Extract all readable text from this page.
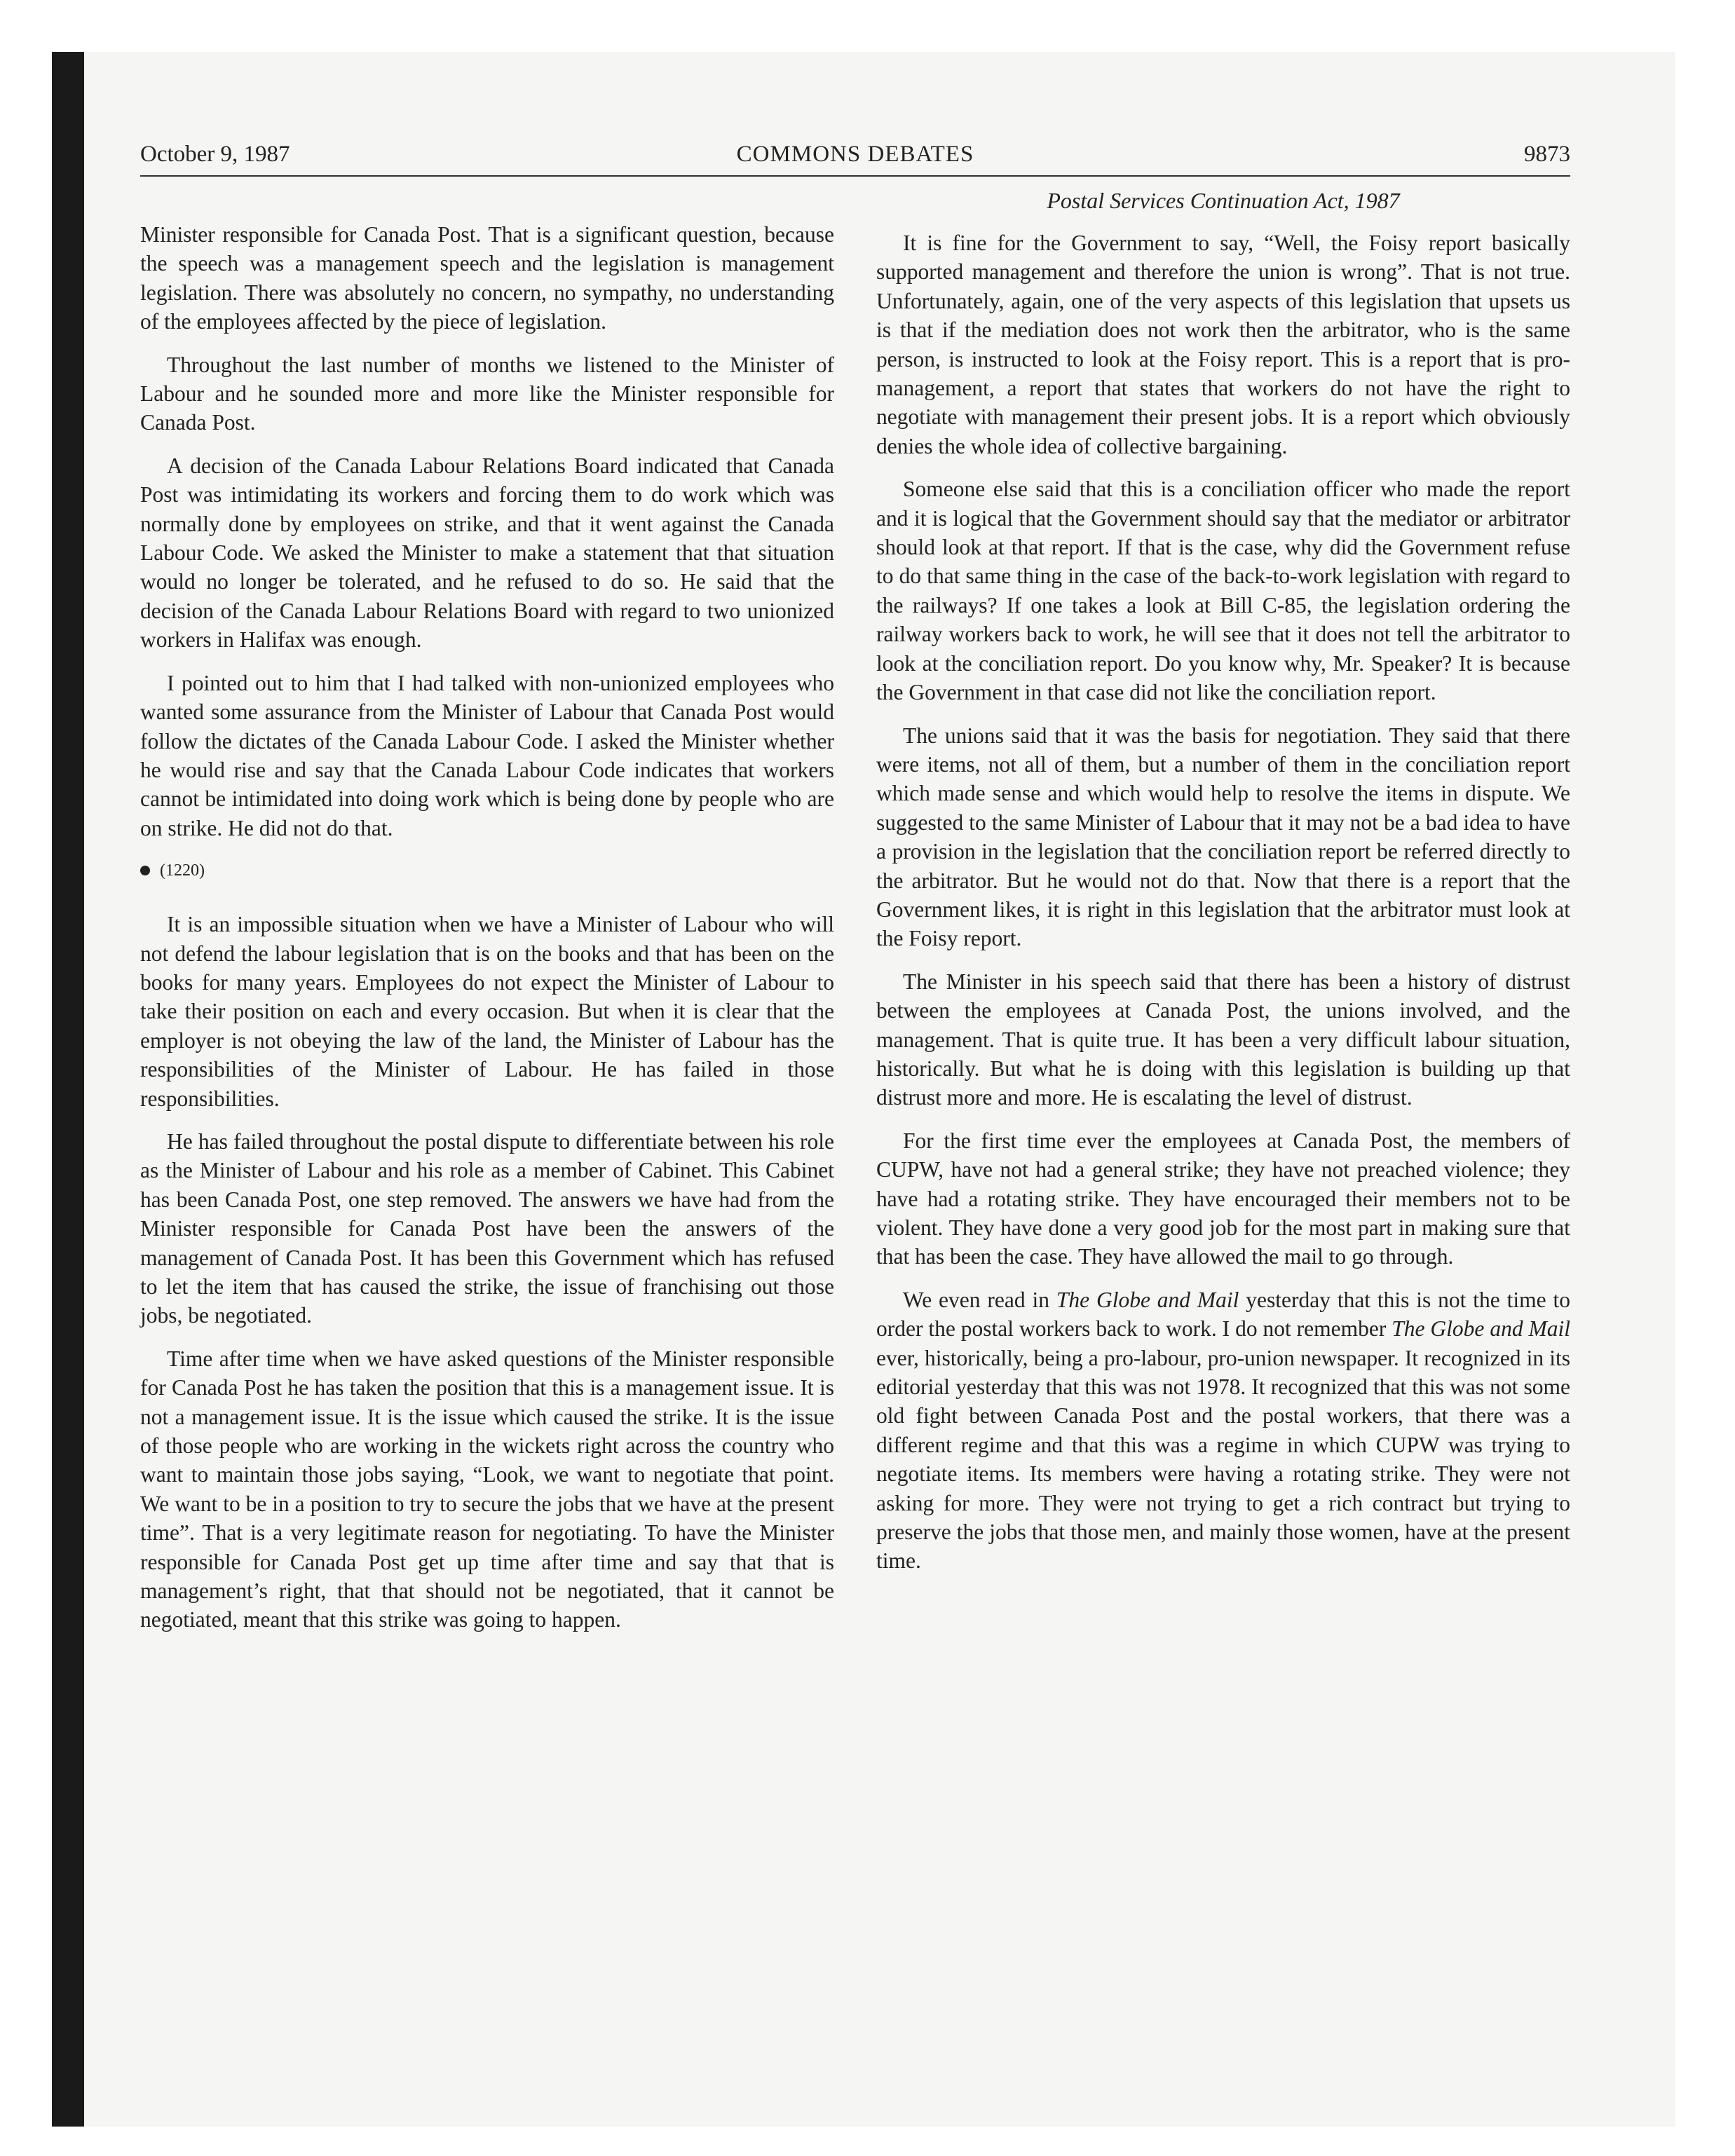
October 9, 1987	COMMONS DEBATES	9873

Minister responsible for Canada Post. That is a significant question, because the speech was a management speech and the legislation is management legislation. There was absolutely no concern, no sympathy, no understanding of the employees affected by the piece of legislation.

Throughout the last number of months we listened to the Minister of Labour and he sounded more and more like the Minister responsible for Canada Post.

A decision of the Canada Labour Relations Board indicated that Canada Post was intimidating its workers and forcing them to do work which was normally done by employees on strike, and that it went against the Canada Labour Code. We asked the Minister to make a statement that that situation would no longer be tolerated, and he refused to do so. He said that the decision of the Canada Labour Relations Board with regard to two unionized workers in Halifax was enough.

I pointed out to him that I had talked with non-unionized employees who wanted some assurance from the Minister of Labour that Canada Post would follow the dictates of the Canada Labour Code. I asked the Minister whether he would rise and say that the Canada Labour Code indicates that workers cannot be intimidated into doing work which is being done by people who are on strike. He did not do that.

(1220)

It is an impossible situation when we have a Minister of Labour who will not defend the labour legislation that is on the books and that has been on the books for many years. Employees do not expect the Minister of Labour to take their position on each and every occasion. But when it is clear that the employer is not obeying the law of the land, the Minister of Labour has the responsibilities of the Minister of Labour. He has failed in those responsibilities.

He has failed throughout the postal dispute to differentiate between his role as the Minister of Labour and his role as a member of Cabinet. This Cabinet has been Canada Post, one step removed. The answers we have had from the Minister responsible for Canada Post have been the answers of the management of Canada Post. It has been this Government which has refused to let the item that has caused the strike, the issue of franchising out those jobs, be negotiated.

Time after time when we have asked questions of the Minister responsible for Canada Post he has taken the position that this is a management issue. It is not a management issue. It is the issue which caused the strike. It is the issue of those people who are working in the wickets right across the country who want to maintain those jobs saying, “Look, we want to negotiate that point. We want to be in a position to try to secure the jobs that we have at the present time”. That is a very legitimate reason for negotiating. To have the Minister responsible for Canada Post get up time after time and say that that is management’s right, that that should not be negotiated, that it cannot be negotiated, meant that this strike was going to happen.

Postal Services Continuation Act, 1987

It is fine for the Government to say, “Well, the Foisy report basically supported management and therefore the union is wrong”. That is not true. Unfortunately, again, one of the very aspects of this legislation that upsets us is that if the mediation does not work then the arbitrator, who is the same person, is instructed to look at the Foisy report. This is a report that is pro-management, a report that states that workers do not have the right to negotiate with management their present jobs. It is a report which obviously denies the whole idea of collective bargaining.

Someone else said that this is a conciliation officer who made the report and it is logical that the Government should say that the mediator or arbitrator should look at that report. If that is the case, why did the Government refuse to do that same thing in the case of the back-to-work legislation with regard to the railways? If one takes a look at Bill C-85, the legislation ordering the railway workers back to work, he will see that it does not tell the arbitrator to look at the conciliation report. Do you know why, Mr. Speaker? It is because the Government in that case did not like the conciliation report.

The unions said that it was the basis for negotiation. They said that there were items, not all of them, but a number of them in the conciliation report which made sense and which would help to resolve the items in dispute. We suggested to the same Minister of Labour that it may not be a bad idea to have a provision in the legislation that the conciliation report be referred directly to the arbitrator. But he would not do that. Now that there is a report that the Government likes, it is right in this legislation that the arbitrator must look at the Foisy report.

The Minister in his speech said that there has been a history of distrust between the employees at Canada Post, the unions involved, and the management. That is quite true. It has been a very difficult labour situation, historically. But what he is doing with this legislation is building up that distrust more and more. He is escalating the level of distrust.

For the first time ever the employees at Canada Post, the members of CUPW, have not had a general strike; they have not preached violence; they have had a rotating strike. They have encouraged their members not to be violent. They have done a very good job for the most part in making sure that that has been the case. They have allowed the mail to go through.

We even read in The Globe and Mail yesterday that this is not the time to order the postal workers back to work. I do not remember The Globe and Mail ever, historically, being a pro-labour, pro-union newspaper. It recognized in its editorial yesterday that this was not 1978. It recognized that this was not some old fight between Canada Post and the postal workers, that there was a different regime and that this was a regime in which CUPW was trying to negotiate items. Its members were having a rotating strike. They were not asking for more. They were not trying to get a rich contract but trying to preserve the jobs that those men, and mainly those women, have at the present time.
